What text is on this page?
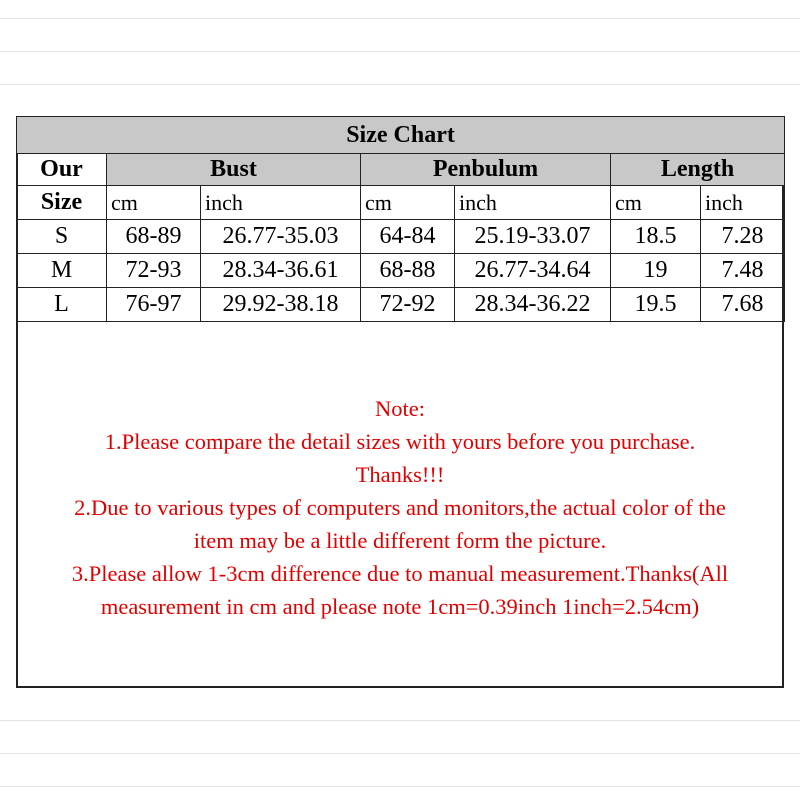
Size Chart						
Our	Bust		Penbulum		Length	
Size	cm	inch	cm	inch	cm	inch
S	68-89	26.77-35.03	64-84	25.19-33.07	18.5	7.28
M	72-93	28.34-36.61	68-88	26.77-34.64	19	7.48
L	76-97	29.92-38.18	72-92	28.34-36.22	19.5	7.68
Note:
1.Please compare the detail sizes with yours before you purchase.
Thanks!!!
2.Due to various types of computers and monitors,the actual color of the
item may be a little different form the picture.
3.Please allow 1-3cm difference due to manual measurement.Thanks(All
measurement in cm and please note 1cm=0.39inch 1inch=2.54cm)
